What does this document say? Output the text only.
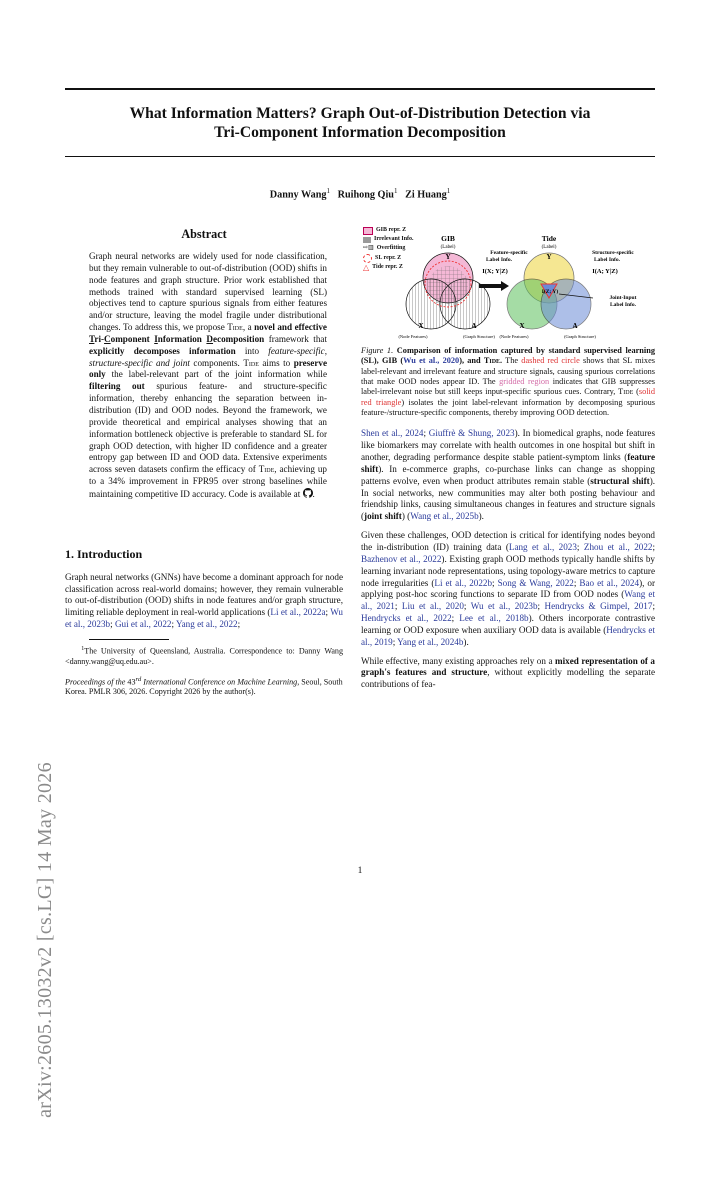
What Information Matters? Graph Out-of-Distribution Detection via
Tri-Component Information Decomposition
Danny Wang$^1$ Ruihong Qiu$^1$ Zi Huang$^1$
arXiv:2605.13032v2 [cs.LG] 14 May 2026
Abstract

Graph neural networks are widely used for node classification, but they remain vulnerable to out-of-distribution (OOD) shifts in node features and graph structure. Prior work established that methods trained with standard supervised learning (SL) objectives tend to capture spurious signals from either features and/or structure, leaving the model fragile under distributional changes. To address this, we propose Tide, a novel and effective Tri-Component Information Decomposition framework that explicitly decomposes information into feature-specific, structure-specific and joint components. Tide aims to preserve only the label-relevant part of the joint information while filtering out spurious feature- and structure-specific information, thereby enhancing the separation between in-distribution (ID) and OOD nodes. Beyond the framework, we provide theoretical and empirical analyses showing that an information bottleneck objective is preferable to standard SL for graph OOD detection, with higher ID confidence and a greater entropy gap between ID and OOD data. Extensive experiments across seven datasets confirm the efficacy of Tide, achieving up to a 34% improvement in FPR95 over strong baselines while maintaining competitive ID accuracy. Code is available at .

1. Introduction

Graph neural networks (GNNs) have become a dominant approach for node classification across real-world domains; however, they remain vulnerable to out-of-distribution (OOD) shifts in node features and/or graph structure, limiting reliable deployment in real-world applications (Li et al., 2022a; Wu et al., 2023b; Gui et al., 2022; Yang et al., 2022;

$^1$The University of Queensland, Australia. Correspondence to: Danny Wang <danny.wang@uq.edu.au>.

Proceedings of the 43rd International Conference on Machine Learning, Seoul, South Korea. PMLR 306, 2026. Copyright 2026 by the author(s).

GIB repr. Z
Irrelevant Info.
⇨▥ Overfitting
SL repr. Z
△ Tide repr. Z
GIB
(Label)
Y
X	A
(Node Features)	(Graph Structure)
Feature-specific
Label Info.
I(X; Y|Z)
Tide
(Label)
Y
X	A
(Node Features)	(Graph Structure)
I(Z; Y)
Structure-specific
Label Info.
I(A; Y|Z)
Joint-Input
Label Info.

Figure 1. Comparison of information captured by standard supervised learning (SL), GIB (Wu et al., 2020), and Tide. The dashed red circle shows that SL mixes label-relevant and irrelevant feature and structure signals, causing spurious correlations that make OOD nodes appear ID. The gridded region indicates that GIB suppresses label-irrelevant noise but still keeps input-specific spurious cues. Contrary, Tide (solid red triangle) isolates the joint label-relevant information by decomposing spurious feature-/structure-specific components, thereby improving OOD detection.

Shen et al., 2024; Giuffrè & Shung, 2023). In biomedical graphs, node features like biomarkers may correlate with health outcomes in one hospital but shift in another, degrading performance despite stable patient-symptom links (feature shift). In e-commerce graphs, co-purchase links can change as shopping patterns evolve, even when product attributes remain stable (structural shift). In social networks, new communities may alter both posting behaviour and friendship links, causing simultaneous changes in features and structure signals (joint shift) (Wang et al., 2025b).

Given these challenges, OOD detection is critical for identifying nodes beyond the in-distribution (ID) training data (Lang et al., 2023; Zhou et al., 2022; Bazhenov et al., 2022). Existing graph OOD methods typically handle shifts by learning invariant node representations, using topology-aware metrics to capture node irregularities (Li et al., 2022b; Song & Wang, 2022; Bao et al., 2024), or applying post-hoc scoring functions to separate ID from OOD nodes (Wang et al., 2021; Liu et al., 2020; Wu et al., 2023b; Hendrycks & Gimpel, 2017; Hendrycks et al., 2022; Lee et al., 2018b). Others incorporate contrastive learning or OOD exposure when auxiliary OOD data is available (Hendrycks et al., 2019; Yang et al., 2024b).

While effective, many existing approaches rely on a mixed representation of a graph's features and structure, without explicitly modelling the separate contributions of fea-

1
